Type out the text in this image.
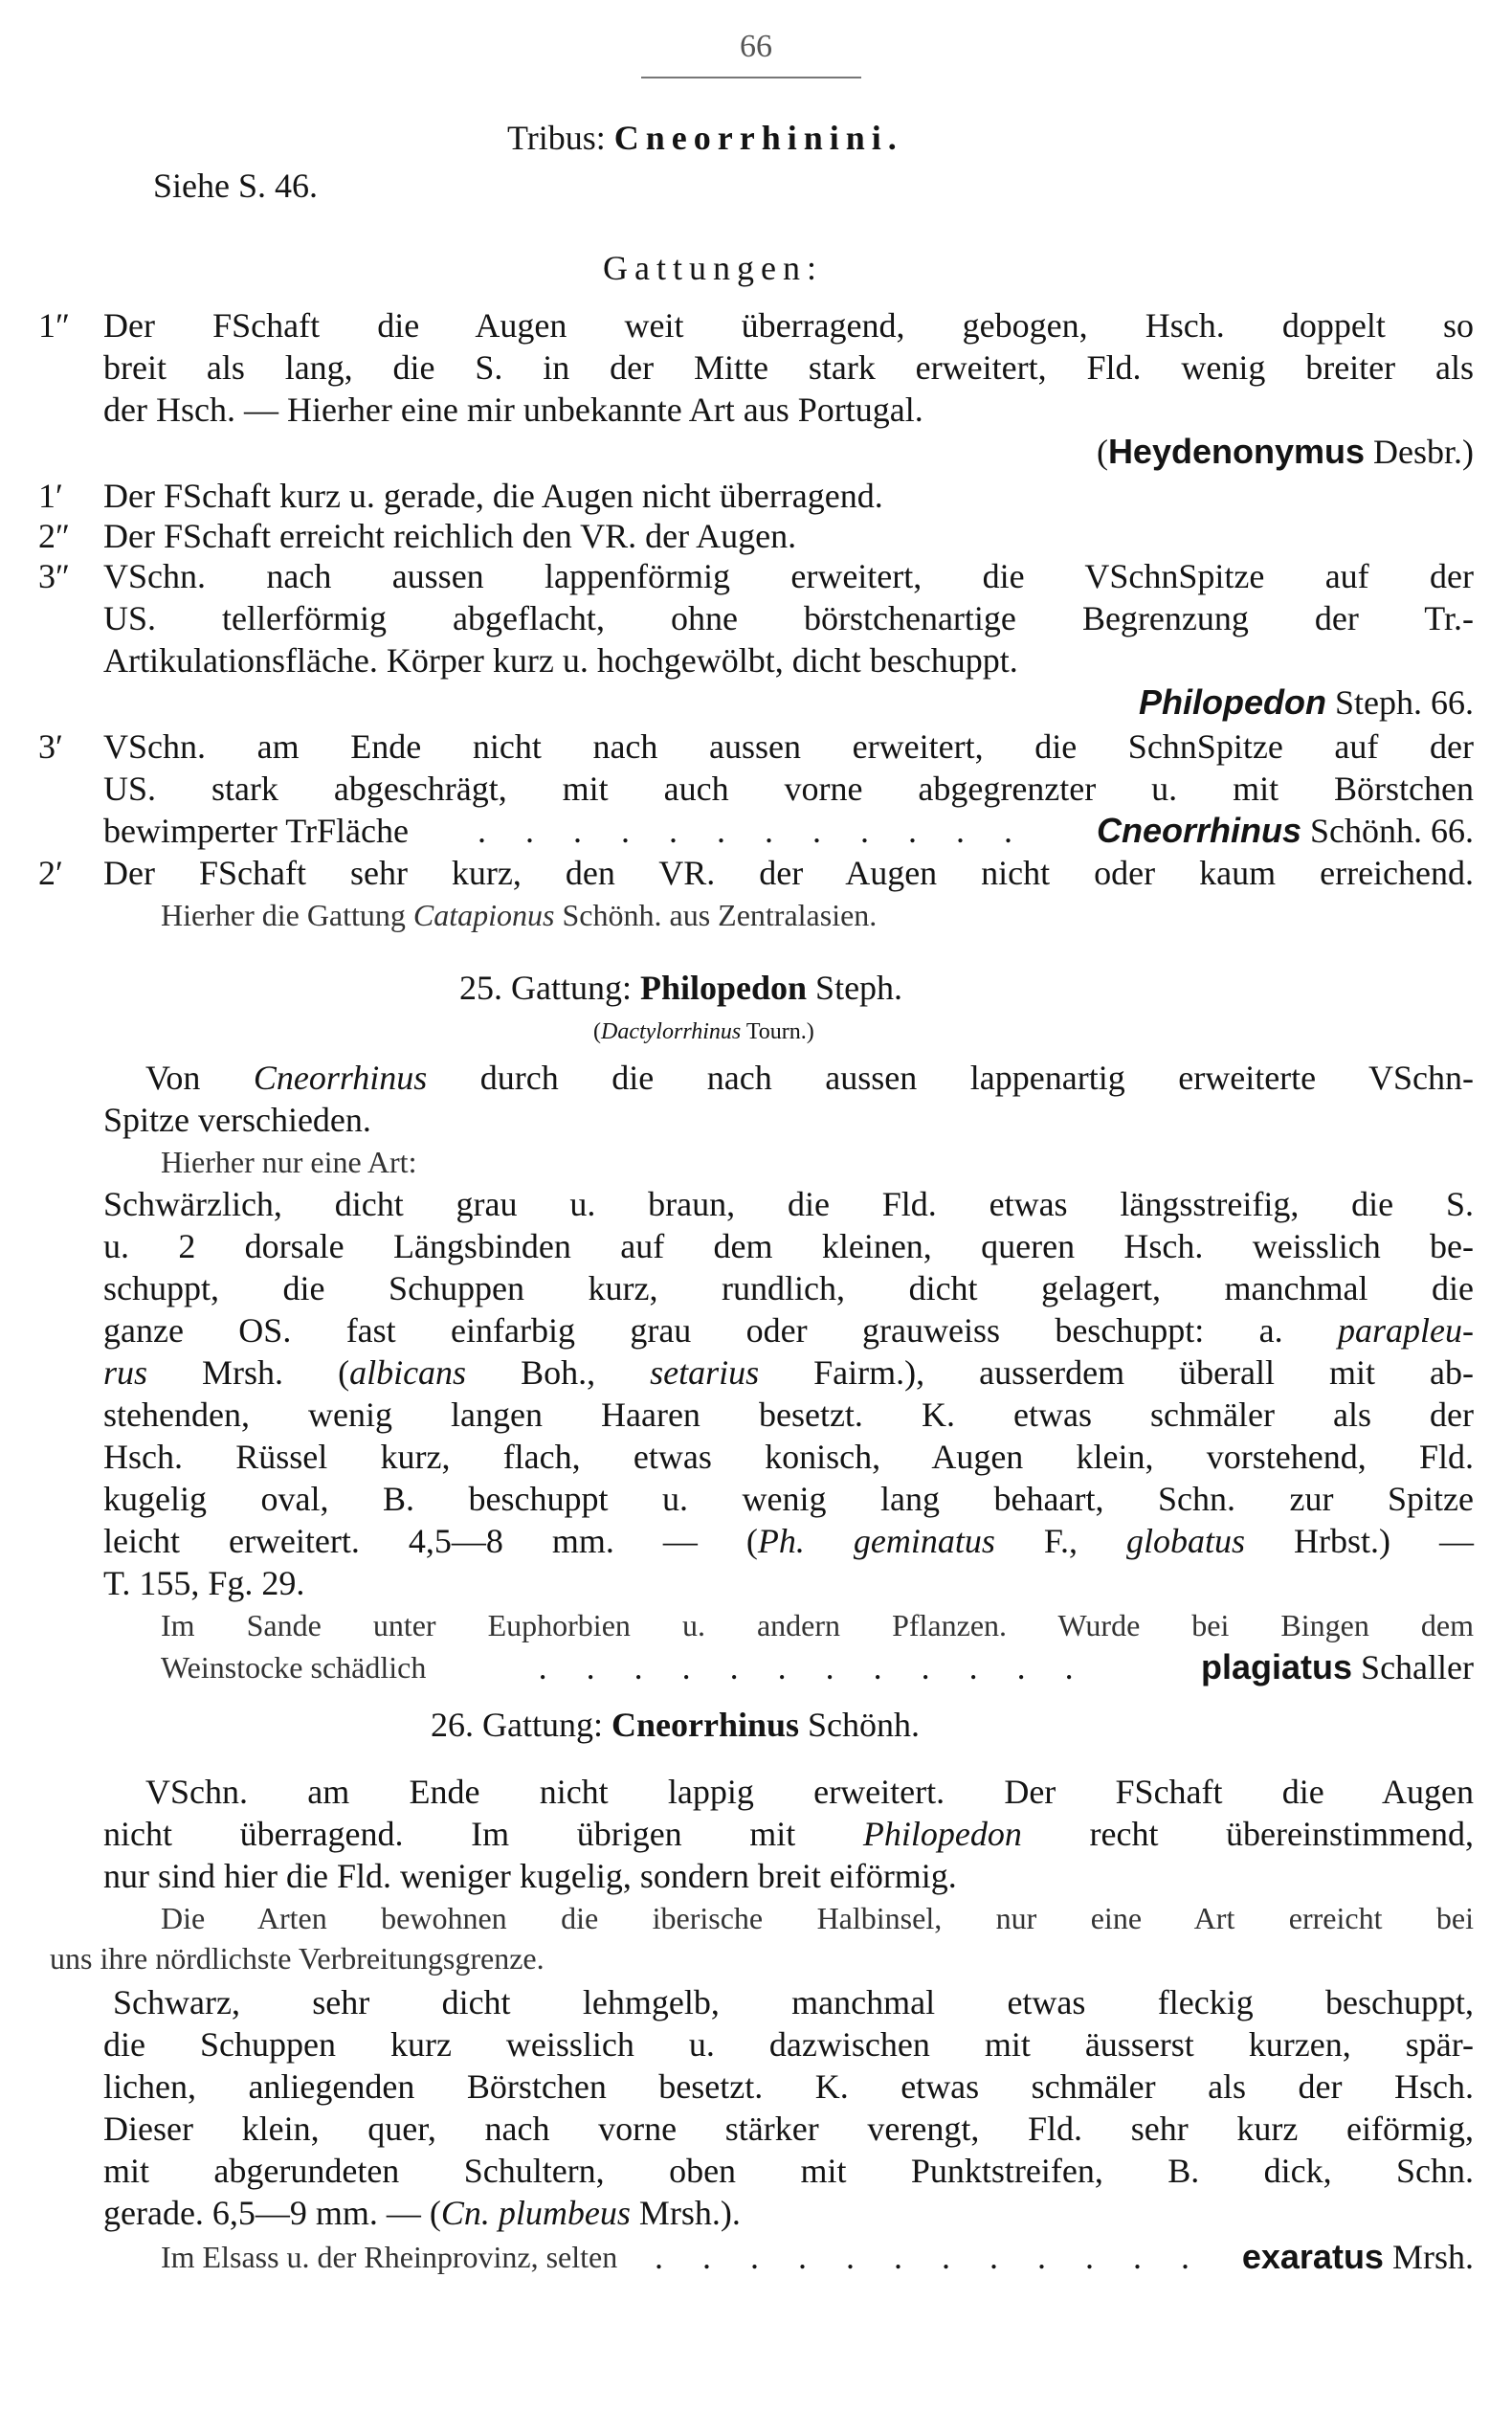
66
Tribus: Cneorrhinini.
Siehe S. 46.
Gattungen:
1″ Der FSchaft die Augen weit überragend, gebogen, Hsch. doppelt so
breit als lang, die S. in der Mitte stark erweitert, Fld. wenig breiter als
der Hsch. — Hierher eine mir unbekannte Art aus Portugal.
(Heydenonymus Desbr.)
1′ Der FSchaft kurz u. gerade, die Augen nicht überragend.
2″ Der FSchaft erreicht reichlich den VR. der Augen.
3″ VSchn. nach aussen lappenförmig erweitert, die VSchnSpitze auf der
US. tellerförmig abgeflacht, ohne börstchenartige Begrenzung der Tr.-
Artikulationsfläche. Körper kurz u. hochgewölbt, dicht beschuppt.
Philopedon Steph. 66.
3′ VSchn. am Ende nicht nach aussen erweitert, die SchnSpitze auf der
US. stark abgeschrägt, mit auch vorne abgegrenzter u. mit Börstchen
bewimperter TrFläche . . . . . . . . . . . . Cneorrhinus Schönh. 66.
2′ Der FSchaft sehr kurz, den VR. der Augen nicht oder kaum erreichend.
Hierher die Gattung Catapionus Schönh. aus Zentralasien.
25. Gattung: Philopedon Steph.
(Dactylorrhinus Tourn.)
Von Cneorrhinus durch die nach aussen lappenartig erweiterte VSchn-
Spitze verschieden.
Hierher nur eine Art:
Schwärzlich, dicht grau u. braun, die Fld. etwas längsstreifig, die S.
u. 2 dorsale Längsbinden auf dem kleinen, queren Hsch. weisslich be-
schuppt, die Schuppen kurz, rundlich, dicht gelagert, manchmal die
ganze OS. fast einfarbig grau oder grauweiss beschuppt: a. parapleu-
rus Mrsh. (albicans Boh., setarius Fairm.), ausserdem überall mit ab-
stehenden, wenig langen Haaren besetzt. K. etwas schmäler als der
Hsch. Rüssel kurz, flach, etwas konisch, Augen klein, vorstehend, Fld.
kugelig oval, B. beschuppt u. wenig lang behaart, Schn. zur Spitze
leicht erweitert. 4,5—8 mm. — (Ph. geminatus F., globatus Hrbst.) —
T. 155, Fg. 29.
Im Sande unter Euphorbien u. andern Pflanzen. Wurde bei Bingen dem
Weinstocke schädlich	. . . . . . . . . . . .	plagiatus Schaller
26. Gattung: Cneorrhinus Schönh.
VSchn. am Ende nicht lappig erweitert. Der FSchaft die Augen
nicht überragend. Im übrigen mit Philopedon recht übereinstimmend,
nur sind hier die Fld. weniger kugelig, sondern breit eiförmig.
Die Arten bewohnen die iberische Halbinsel, nur eine Art erreicht bei
uns ihre nördlichste Verbreitungsgrenze.
Schwarz, sehr dicht lehmgelb, manchmal etwas fleckig beschuppt,
die Schuppen kurz weisslich u. dazwischen mit äusserst kurzen, spär-
lichen, anliegenden Börstchen besetzt. K. etwas schmäler als der Hsch.
Dieser klein, quer, nach vorne stärker verengt, Fld. sehr kurz eiförmig,
mit abgerundeten Schultern, oben mit Punktstreifen, B. dick, Schn.
gerade. 6,5—9 mm. — (Cn. plumbeus Mrsh.).
Im Elsass u. der Rheinprovinz, selten . . . . . . . . . . . . exaratus Mrsh.
